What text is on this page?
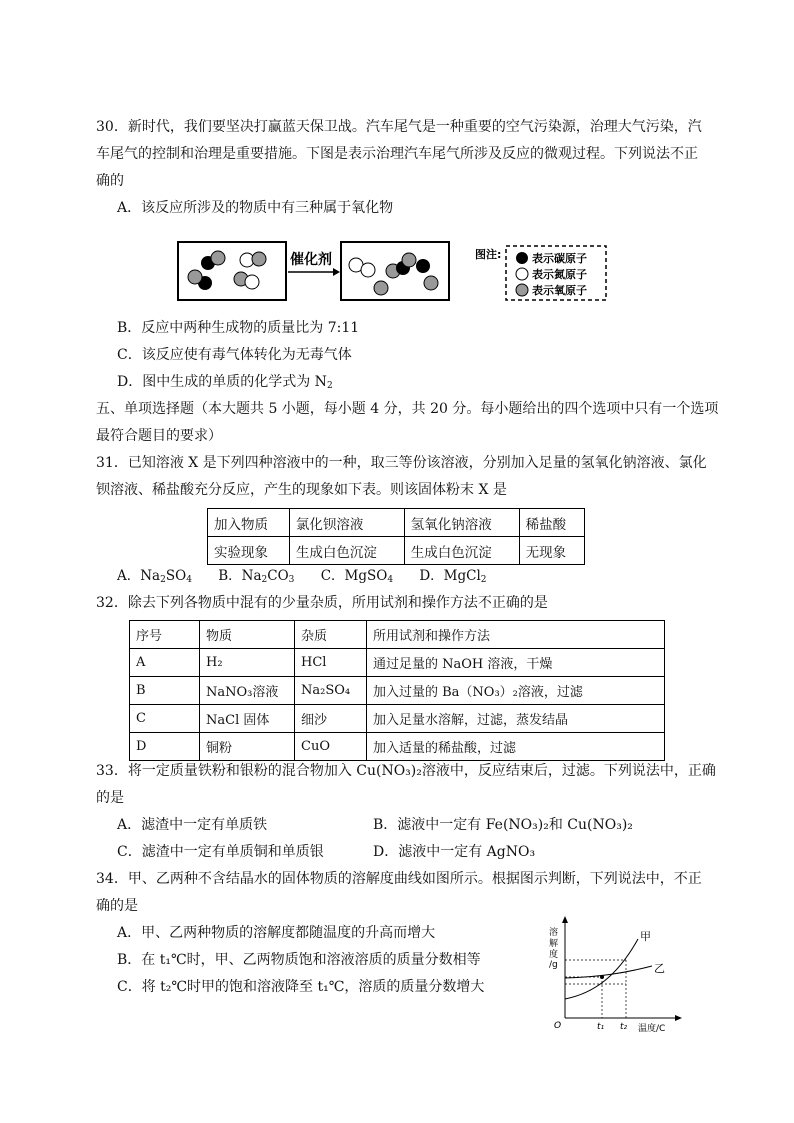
30．新时代，我们要坚决打赢蓝天保卫战。汽车尾气是一种重要的空气污染源，治理大气污染，汽
车尾气的控制和治理是重要措施。下图是表示治理汽车尾气所涉及反应的微观过程。下列说法不正
确的
A．该反应所涉及的物质中有三种属于氧化物
催化剂	图注:	表示碳原子
表示氮原子
表示氧原子
B．反应中两种生成物的质量比为 7:11
C．该反应使有毒气体转化为无毒气体
D．图中生成的单质的化学式为 $N_2$
五、单项选择题（本大题共 5 小题，每小题 4 分，共 20 分。每小题给出的四个选项中只有一个选项
最符合题目的要求）
31．已知溶液 X 是下列四种溶液中的一种，取三等份该溶液，分别加入足量的氢氧化钠溶液、氯化
钡溶液、稀盐酸充分反应，产生的现象如下表。则该固体粉末 X 是
加入物质	氯化钡溶液	氢氧化钠溶液	稀盐酸
实验现象	生成白色沉淀	生成白色沉淀	无现象
A．$Na_2SO_4$ B．$Na_2CO_3$ C．MgSO$_4$ D．MgCl$_2$
32．除去下列各物质中混有的少量杂质，所用试剂和操作方法不正确的是
序号	物质	杂质	所用试剂和操作方法
A	H₂	HCl	通过足量的 NaOH 溶液，干燥
B	NaNO₃溶液	Na₂SO₄	加入过量的 Ba（NO₃）₂溶液，过滤
C	NaCl 固体	细沙	加入足量水溶解，过滤，蒸发结晶
D	铜粉	CuO	加入适量的稀盐酸，过滤
33．将一定质量铁粉和银粉的混合物加入 Cu(NO₃)₂溶液中，反应结束后，过滤。下列说法中，正确
的是
A．滤渣中一定有单质铁	B．滤液中一定有 Fe(NO₃)₂和 Cu(NO₃)₂
C．滤渣中一定有单质铜和单质银	D．滤液中一定有 AgNO₃
34．甲、乙两种不含结晶水的固体物质的溶解度曲线如图所示。根据图示判断，下列说法中，不正
确的是
A．甲、乙两种物质的溶解度都随温度的升高而增大
B．在 t₁℃时，甲、乙两物质饱和溶液溶质的质量分数相等
C．将 t₂℃时甲的饱和溶液降至 t₁℃，溶质的质量分数增大
溶
解
度
/g
O	t₁ t₂ 温度/C
甲
乙
